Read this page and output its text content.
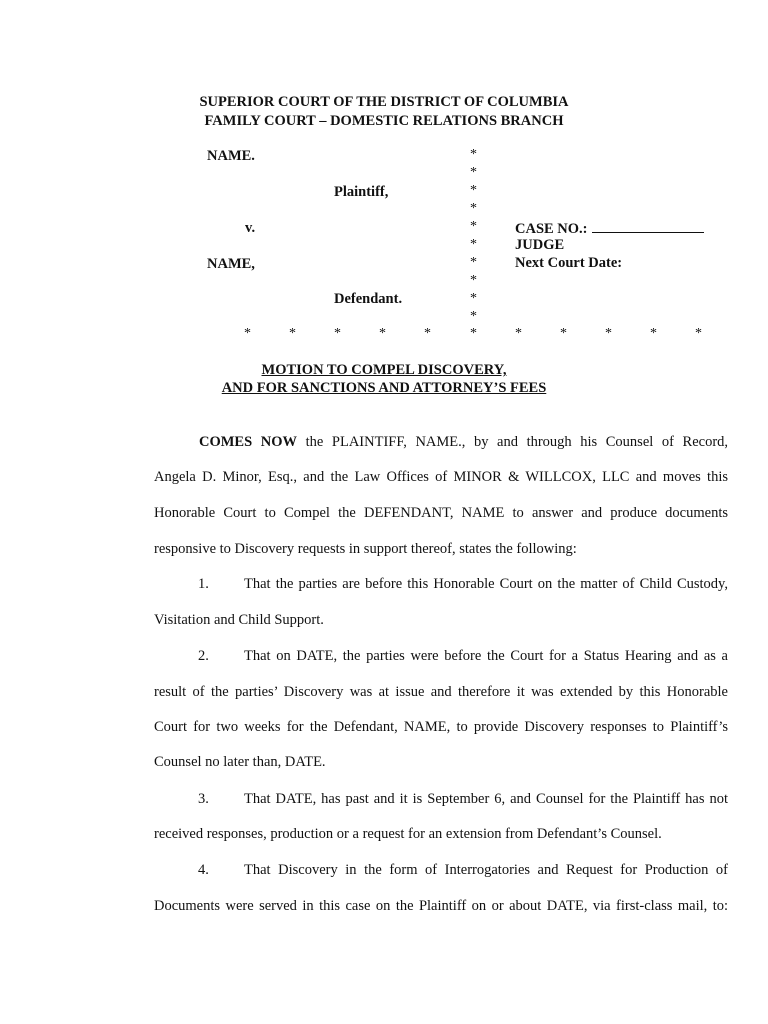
SUPERIOR COURT OF THE DISTRICT OF COLUMBIA
FAMILY COURT – DOMESTIC RELATIONS BRANCH
NAME.
Plaintiff,
v.
NAME,
Defendant.
CASE NO.:
JUDGE
Next Court Date:
*
*
*
*
*
*
*
*
*
*
*	*	*	*	*	*	*	*	*	*	*
MOTION TO COMPEL DISCOVERY,
AND FOR SANCTIONS AND ATTORNEY’S FEES
COMES NOW the PLAINTIFF, NAME., by and through his Counsel of Record,
Angela D. Minor, Esq., and the Law Offices of MINOR & WILLCOX, LLC and moves this
Honorable Court to Compel the DEFENDANT, NAME to answer and produce documents
responsive to Discovery requests in support thereof, states the following:
1. That the parties are before this Honorable Court on the matter of Child Custody,
Visitation and Child Support.
2. That on DATE, the parties were before the Court for a Status Hearing and as a
result of the parties’ Discovery was at issue and therefore it was extended by this Honorable
Court for two weeks for the Defendant, NAME, to provide Discovery responses to Plaintiff’s
Counsel no later than, DATE.
3. That DATE, has past and it is September 6, and Counsel for the Plaintiff has not
received responses, production or a request for an extension from Defendant’s Counsel.
4. That Discovery in the form of Interrogatories and Request for Production of
Documents were served in this case on the Plaintiff on or about DATE, via first-class mail, to:
